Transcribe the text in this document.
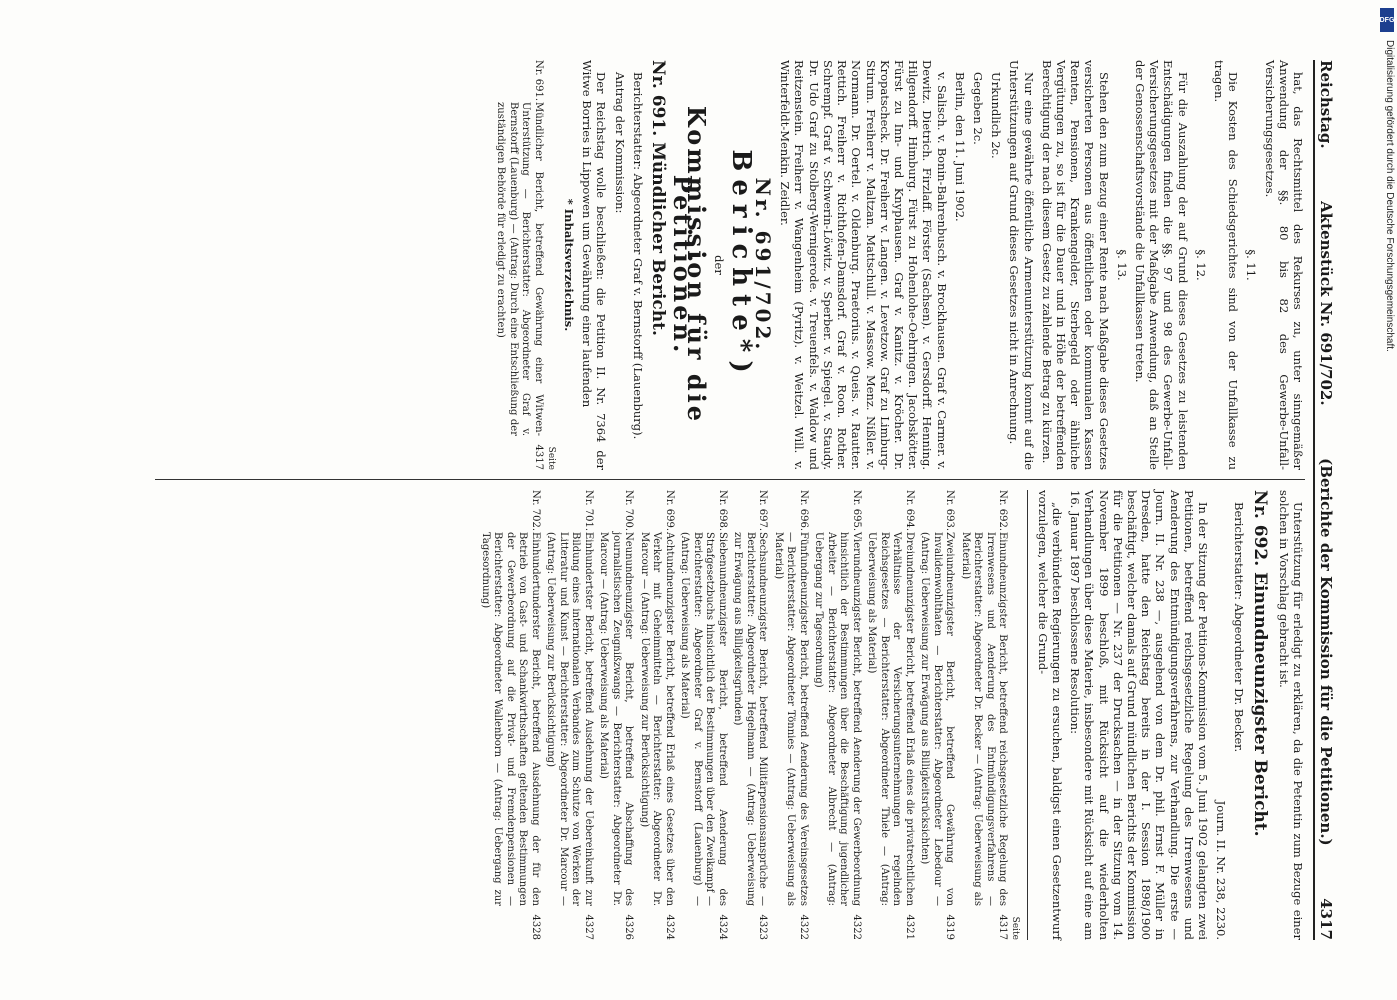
Reichstag.
Aktenstück Nr. 691/702.
(Berichte der Kommission für die Petitionen.)
4317

hat, das Rechtsmittel des Rekurses zu, unter sinngemäßer Anwendung der §§. 80 bis 82 des Gewerbe-Unfall-Versicherungsgesetzes.

§. 11.

Die Kosten des Schiedsgerichtes sind von der Unfallkasse zu tragen.

§. 12.

Für die Auszahlung der auf Grund dieses Gesetzes zu leistenden Entschädigungen finden die §§. 97 und 98 des Gewerbe-Unfall-Versicherungsgesetzes mit der Maßgabe Anwendung, daß an Stelle der Genossenschaftsvorstände die Unfallkassen treten.

§. 13.

Stehen den zum Bezug einer Rente nach Maßgabe dieses Gesetzes versicherten Personen aus öffentlichen oder kommunalen Kassen Renten, Pensionen, Krankengelder, Sterbegeld oder ähnliche Vergütungen zu, so ist für die Dauer und in Höhe der betreffenden Berechtigung der nach diesem Gesetz zu zahlende Betrag zu kürzen.

Nur eine gewährte öffentliche Armenunterstützung kommt auf die Unterstützungen auf Grund dieses Gesetzes nicht in Anrechnung.

Urkundlich 2c.

Gegeben 2c.

Berlin, den 11. Juni 1902.

v. Salisch. v. Bonin-Bahrenbusch. v. Brockhausen. Graf v. Carmer. v. Dewitz. Dietrich. Firzlaff. Förster (Sachsen). v. Gersdorff. Henning. Hilgendorff. Himburg. Fürst zu Hohenlohe-Oehringen. Jacobskötter. Fürst zu Inn- und Knyphausen. Graf v. Kanitz. v. Kröcher. Dr. Kropatscheck. Dr. Freiherr v. Langen. v. Levetzow. Graf zu Limburg-Stirum. Freiherr v. Maltzan. Mattschull. v. Massow. Menz. Nißler. v. Normann. Dr. Oertel. v. Oldenburg. Praetorius. v. Queis. v. Rautter. Rettich. Freiherr v. Richthofen-Damsdorf. Graf v. Roon. Rother. Schrempf. Graf v. Schwerin-Löwitz. v. Sperber. v. Spiegel. v. Staudy. Dr. Udo Graf zu Stolberg-Wernigerode. v. Treuenfels. v. Waldow und Reitzenstein. Freiherr v. Wangenheim (Pyritz). v. Weitzel. Will. v. Winterfeldt-Menkin. Zeidler.

Nr. 691/702.
Berichte*)
der
Kommission für die Petitionen.
Nr. 691. Mündlicher Bericht.

Berichterstatter: Abgeordneter Graf v. Bernstorff (Lauenburg).

Antrag der Kommission:

Der Reichstag wolle beschließen: die Petition II. Nr. 7364 der Witwe Borries in Lippowen um Gewährung einer laufenden

* Inhaltsverzeichnis.

Seite
Nr. 691.
Mündlicher Bericht, betreffend Gewährung einer Witwen-Unterstützung — Berichterstatter: Abgeordneter Graf v. Bernstorff (Lauenburg) — (Antrag: Durch eine Entschließung der zuständigen Behörde für erledigt zu erachten)
4317

Unterstützung für erledigt zu erklären, da die Petentin zum Bezuge einer solchen in Vorschlag gebracht ist.

Nr. 692. Einundneunzigster Bericht.

Berichterstatter: Abgeordneter Dr. Becker.

Journ. II. Nr. 238, 2230.

In der Sitzung der Petitions-Kommission vom 5. Juni 1902 gelangten zwei Petitionen, betreffend reichsgesetzliche Regelung des Irrenwesens und Aenderung des Entmündigungsverfahrens, zur Verhandlung. Die erste — Journ. II. Nr. 238 —, ausgehend von dem Dr. phil. Ernst F. Müller in Dresden, hatte den Reichstag bereits in der I. Session 1898/1900 beschäftigt, welcher damals auf Grund mündlichen Berichts der Kommission für die Petitionen — Nr. 237 der Drucksachen — in der Sitzung vom 14. November 1899 beschloß, mit Rücksicht auf die wiederholten Verhandlungen über diese Materie, insbesondere mit Rücksicht auf eine am 16. Januar 1897 beschlossene Resolution:

„die verbündeten Regierungen zu ersuchen, baldigst einen Gesetzentwurf vorzulegen, welcher die Grund-

Seite
Nr. 692.
Einundneunzigster Bericht, betreffend reichsgesetzliche Regelung des Irrenwesens und Aenderung des Entmündigungsverfahrens — Berichterstatter: Abgeordneter Dr. Becker — (Antrag: Ueberweisung als Material)
4317
Nr. 693.
Zweiundneunzigster Bericht, betreffend Gewährung von Invalidenwohlthaten — Berichterstatter: Abgeordneter Lebedour — (Antrag: Ueberweisung zur Erwägung aus Billigkeitsrücksichten)
4319
Nr. 694.
Dreiundneunzigster Bericht, betreffend Erlaß eines die privatrechtlichen Verhältnisse der Versicherungsunternehmungen regelnden Reichsgesetzes — Berichterstatter: Abgeordneter Thiele — (Antrag: Ueberweisung als Material)
4321
Nr. 695.
Vierundneunzigster Bericht, betreffend Aenderung der Gewerbeordnung hinsichtlich der Bestimmungen über die Beschäftigung jugendlicher Arbeiter — Berichterstatter: Abgeordneter Albrecht — (Antrag: Uebergang zur Tagesordnung)
4322
Nr. 696.
Fünfundneunzigster Bericht, betreffend Aenderung des Vereinsgesetzes — Berichterstatter: Abgeordneter Tönnies — (Antrag: Ueberweisung als Material)
4322
Nr. 697.
Sechsundneunzigster Bericht, betreffend Militärpensionsansprüche — Berichterstatter: Abgeordneter Hegelmann — (Antrag: Ueberweisung zur Erwägung aus Billigkeitsgründen)
4323
Nr. 698.
Siebenundneunzigster Bericht, betreffend Aenderung des Strafgesetzbuchs hinsichtlich der Bestimmungen über den Zweikampf — Berichterstatter: Abgeordneter Graf v. Bernstorff (Lauenburg) — (Antrag: Ueberweisung als Material)
4324
Nr. 699.
Achtundneunzigster Bericht, betreffend Erlaß eines Gesetzes über den Verkehr mit Geheimmitteln — Berichterstatter: Abgeordneter Dr. Marcour — (Antrag: Ueberweisung zur Berücksichtigung)
4324
Nr. 700.
Neunundneunzigster Bericht, betreffend Abschaffung des journalistischen Zeugnißzwangs — Berichterstatter: Abgeordneter Dr. Marcour — (Antrag: Ueberweisung als Material)
4326
Nr. 701.
Einhundertster Bericht, betreffend Ausdehnung der Uebereinkunft zur Bildung eines internationalen Verbandes zum Schutze von Werken der Litteratur und Kunst — Berichterstatter: Abgeordneter Dr. Marcour — (Antrag: Ueberweisung zur Berücksichtigung)
4327
Nr. 702.
Einhundertunderster Bericht, betreffend Ausdehnung der für den Betrieb von Gast- und Schankwirthschaften geltenden Bestimmungen der Gewerbeordnung auf die Privat- und Fremdenpensionen — Berichterstatter: Abgeordneter Wallenborn — (Antrag: Uebergang zur Tagesordnung)
4328
DFG
Digitalisierung gefördert durch die Deutsche Forschungsgemeinschaft.
